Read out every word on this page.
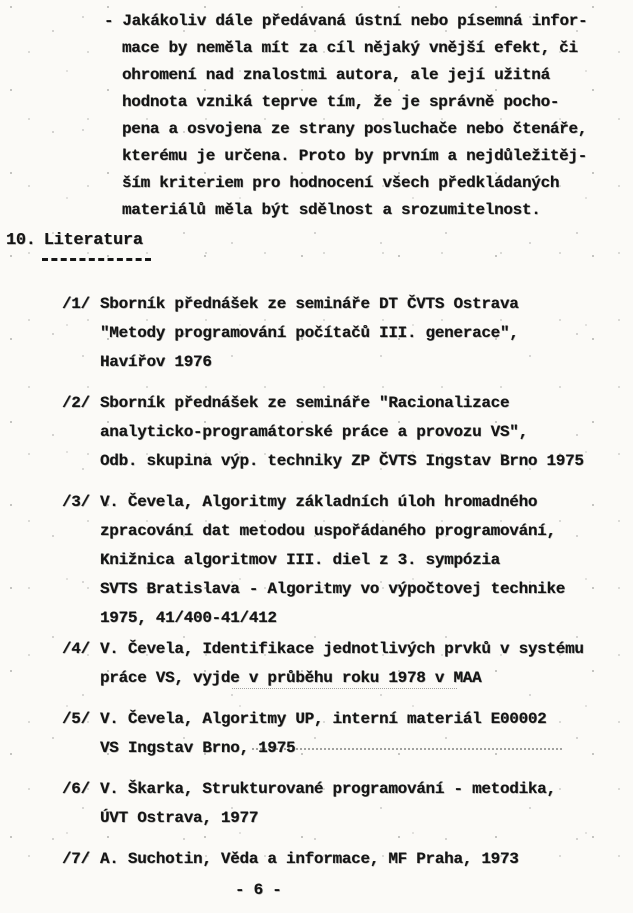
- Jakákoliv dále předávaná ústní nebo písemná infor-
mace by neměla mít za cíl nějaký vnější efekt, či
ohromení nad znalostmi autora, ale její užitná
hodnota vzniká teprve tím, že je správně pocho-
pena a osvojena ze strany posluchače nebo čtenáře,
kterému je určena. Proto by prvním a nejdůležitěj-
ším kriteriem pro hodnocení všech předkládaných
materiálů měla být sdělnost a srozumitelnost.
10. Literatura
/1/ Sborník přednášek ze semináře DT ČVTS Ostrava
"Metody programování počítačů III. generace",
Havířov 1976
/2/ Sborník přednášek ze semináře "Racionalizace
analyticko-programátorské práce a provozu VS",
Odb. skupina výp. techniky ZP ČVTS Ingstav Brno 1975
/3/ V. Čevela, Algoritmy základních úloh hromadného
zpracování dat metodou uspořádaného programování,
Knižnica algoritmov III. diel z 3. sympózia
SVTS Bratislava - Algoritmy vo výpočtovej technike
1975, 41/400-41/412
/4/ V. Čevela, Identifikace jednotlivých prvků v systému
práce VS, vyjde v průběhu roku 1978 v MAA
/5/ V. Čevela, Algoritmy UP, interní materiál E00002
VS Ingstav Brno, 1975
/6/ V. Škarka, Strukturované programování - metodika,
ÚVT Ostrava, 1977
/7/ A. Suchotin, Věda a informace, MF Praha, 1973
- 6 -
